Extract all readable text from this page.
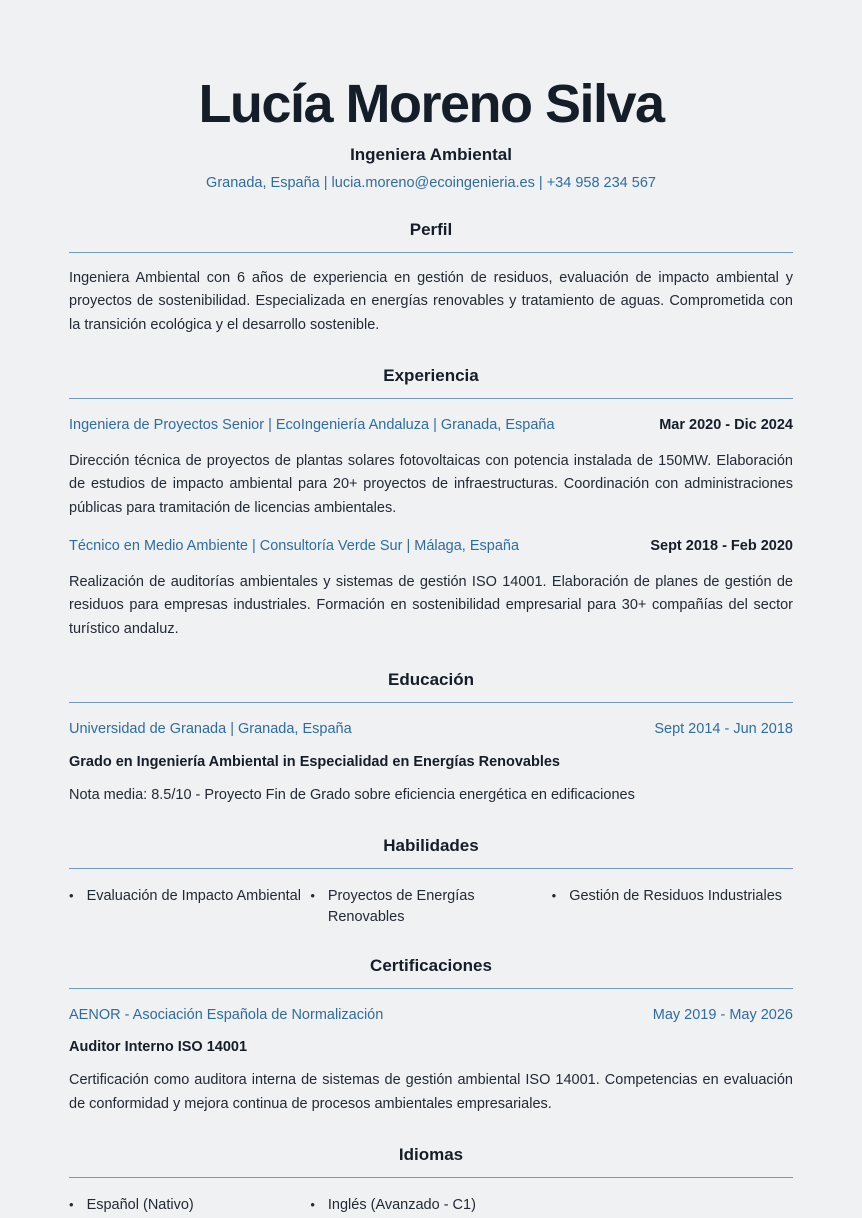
Lucía Moreno Silva
Ingeniera Ambiental
Granada, España | lucia.moreno@ecoingenieria.es | +34 958 234 567
Perfil

Ingeniera Ambiental con 6 años de experiencia en gestión de residuos, evaluación de impacto ambiental y proyectos de sostenibilidad. Especializada en energías renovables y tratamiento de aguas. Comprometida con la transición ecológica y el desarrollo sostenible.

Experiencia
Ingeniera de Proyectos Senior | EcoIngeniería Andaluza | Granada, España	Mar 2020 - Dic 2024

Dirección técnica de proyectos de plantas solares fotovoltaicas con potencia instalada de 150MW. Elaboración de estudios de impacto ambiental para 20+ proyectos de infraestructuras. Coordinación con administraciones públicas para tramitación de licencias ambientales.

Técnico en Medio Ambiente | Consultoría Verde Sur | Málaga, España	Sept 2018 - Feb 2020

Realización de auditorías ambientales y sistemas de gestión ISO 14001. Elaboración de planes de gestión de residuos para empresas industriales. Formación en sostenibilidad empresarial para 30+ compañías del sector turístico andaluz.

Educación
Universidad de Granada | Granada, España	Sept 2014 - Jun 2018
Grado en Ingeniería Ambiental in Especialidad en Energías Renovables

Nota media: 8.5/10 - Proyecto Fin de Grado sobre eficiencia energética en edificaciones

Habilidades
• Evaluación de Impacto Ambiental • Proyectos de Energías Renovables
• Gestión de Residuos Industriales
Certificaciones
AENOR - Asociación Española de Normalización	May 2019 - May 2026
Auditor Interno ISO 14001

Certificación como auditora interna de sistemas de gestión ambiental ISO 14001. Competencias en evaluación de conformidad y mejora continua de procesos ambientales empresariales.

Idiomas
• Español (Nativo)	• Inglés (Avanzado - C1)
